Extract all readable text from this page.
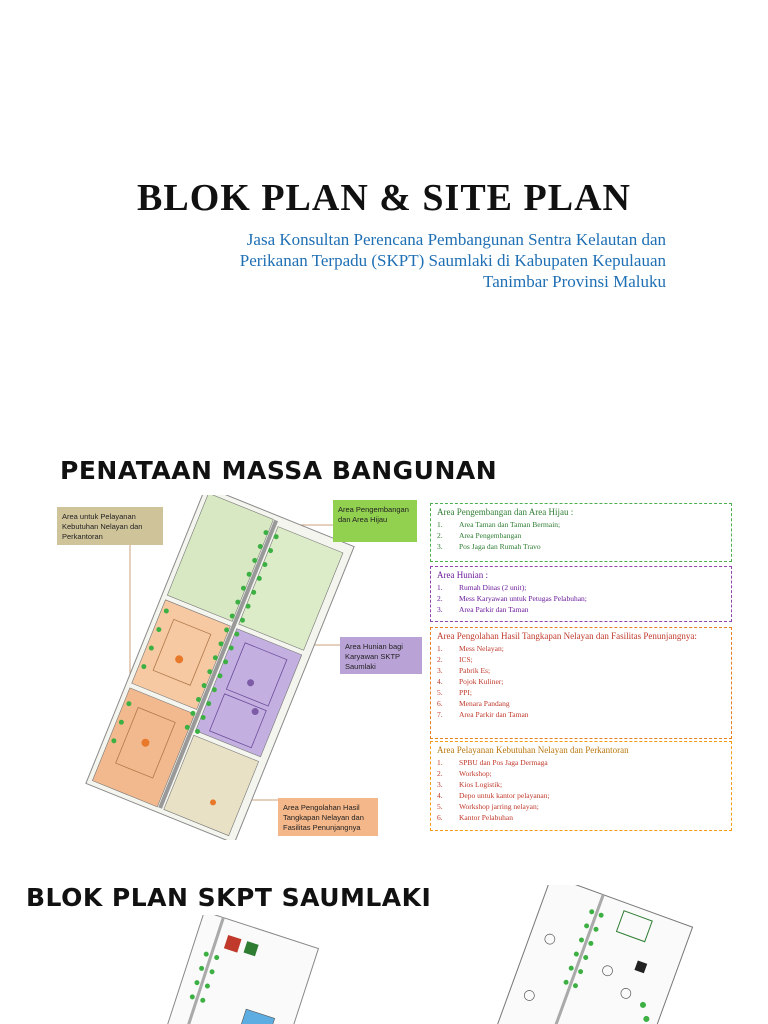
BLOK PLAN & SITE PLAN
Jasa Konsultan Perencana Pembangunan Sentra Kelautan dan
Perikanan Terpadu (SKPT) Saumlaki di Kabupaten Kepulauan
Tanimbar Provinsi Maluku
PENATAAN MASSA BANGUNAN
Area untuk Pelayanan Kebutuhan Nelayan dan Perkantoran
Area Pengembangan dan Area Hijau
Area Hunian bagi Karyawan SKTP Saumlaki
Area Pengolahan Hasil Tangkapan Nelayan dan Fasilitas Penunjangnya
Area Pengembangan dan Area Hijau :
1.	Area Taman dan Taman Bermain;
2.	Area Pengembangan
3.	Pos Jaga dan Rumah Travo
Area Hunian :
1.	Rumah Dinas (2 unit);
2.	Mess Karyawan untuk Petugas Pelabuhan;
3.	Area Parkir dan Taman
Area Pengolahan Hasil Tangkapan Nelayan dan Fasilitas Penunjangnya:
1.	Mess Nelayan;
2.	ICS;
3.	Pabrik Es;
4.	Pojok Kuliner;
5.	PPI;
6.	Menara Pandang
7.	Area Parkir dan Taman
Area Pelayanan Kebutuhan Nelayan dan Perkantoran
1.	SPBU dan Pos Jaga Dermaga
2.	Workshop;
3.	Kios Logistik;
4.	Depo untuk kantor pelayanan;
5.	Workshop jarring nelayan;
6.	Kantor Pelabuhan
BLOK PLAN SKPT SAUMLAKI
